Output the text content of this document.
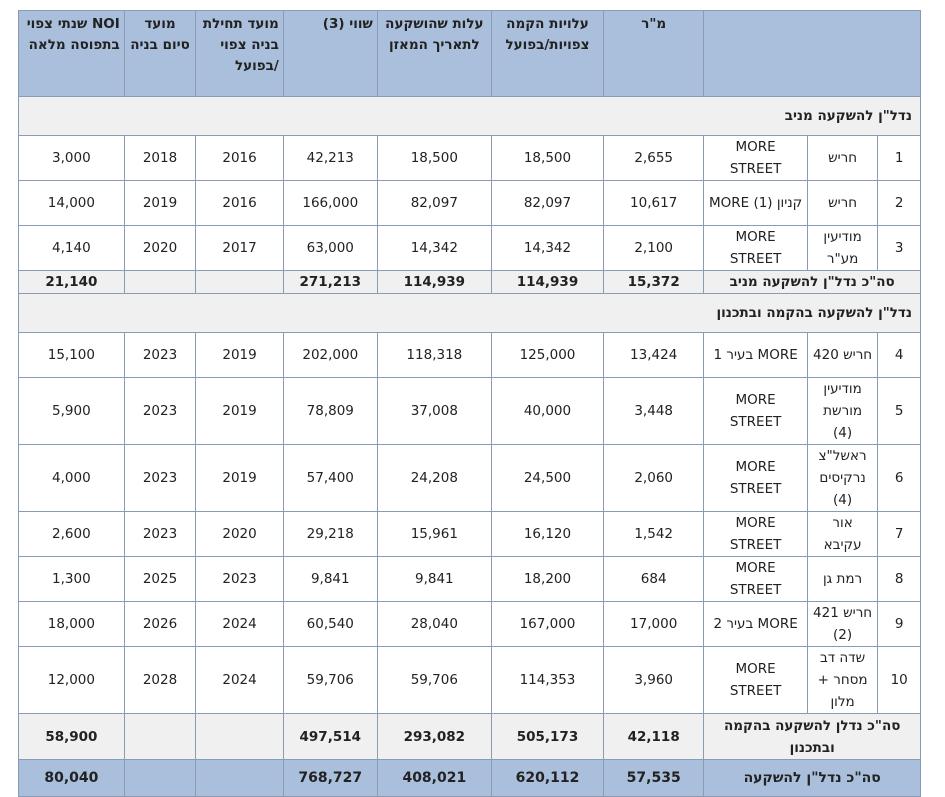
			מ"ר	עלויות הקמה צפויות/בפועל	עלות שהושקעה לתאריך המאזן	שווי (3)	מועד תחילת בניה צפוי /בפועל	מועד סיום בניה	NOI שנתי צפוי בתפוסה מלאה
נדל"ן להשקעה מניב									
1	חריש	MORE STREET	2,655	18,500	18,500	42,213	2016	2018	3,000
2	חריש	קניון MORE (1)	10,617	82,097	82,097	166,000	2016	2019	14,000
3	מודיעין מע"ר	MORE STREET	2,100	14,342	14,342	63,000	2017	2020	4,140
סה"כ נדל"ן להשקעה מניב			15,372	114,939	114,939	271,213			21,140
נדל"ן להשקעה בהקמה ובתכנון									
4	חריש 420	MORE בעיר 1	13,424	125,000	118,318	202,000	2019	2023	15,100
5	מודיעין מורשת (4)	MORE STREET	3,448	40,000	37,008	78,809	2019	2023	5,900
6	ראשל"צ נרקיסים (4)	MORE STREET	2,060	24,500	24,208	57,400	2019	2023	4,000
7	אור עקיבא	MORE STREET	1,542	16,120	15,961	29,218	2020	2023	2,600
8	רמת גן	MORE STREET	684	18,200	9,841	9,841	2023	2025	1,300
9	חריש 421 (2)	MORE בעיר 2	17,000	167,000	28,040	60,540	2024	2026	18,000
10	שדה דב מסחר + מלון	MORE STREET	3,960	114,353	59,706	59,706	2024	2028	12,000
סה"כ נדלן להשקעה בהקמה ובתכנון			42,118	505,173	293,082	497,514			58,900
סה"כ נדל"ן להשקעה			57,535	620,112	408,021	768,727			80,040
